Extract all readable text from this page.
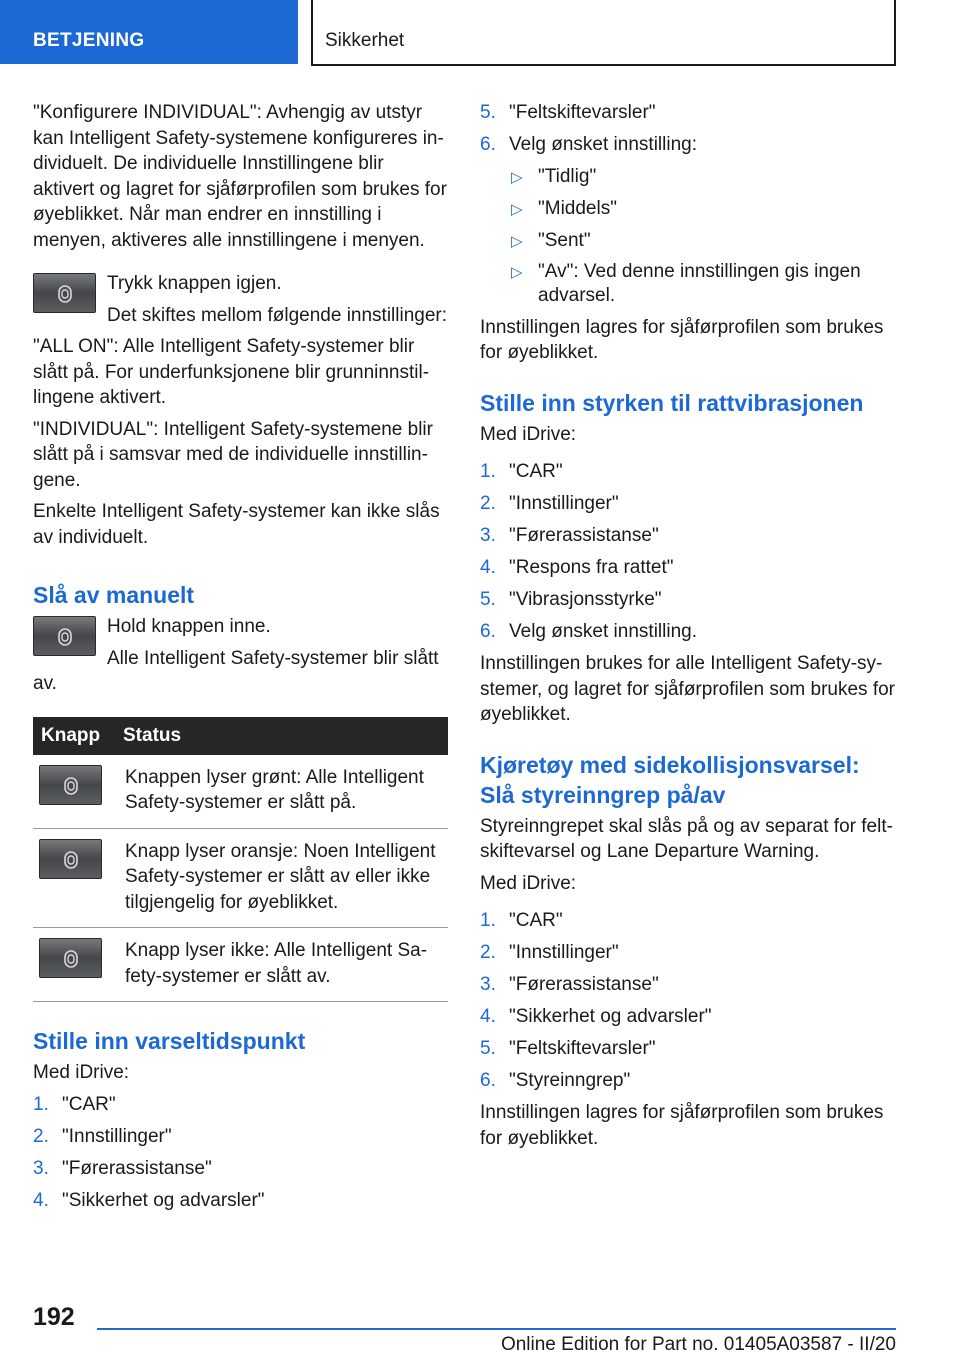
BETJENING	Sikkerhet

"Konfigurere INDIVIDUAL": Avhengig av utstyr kan Intelligent Safety-systemene konfigureres individuelt. De individuelle Innstillingene blir aktivert og lagret for sjåførprofilen som brukes for øyeblikket. Når man endrer en innstilling i menyen, aktiveres alle innstillingene i menyen.

Trykk knappen igjen.

Det skiftes mellom følgende innstillinger:

"ALL ON": Alle Intelligent Safety-systemer blir slått på. For underfunksjonene blir grunninnstillingene aktivert.

"INDIVIDUAL": Intelligent Safety-systemene blir slått på i samsvar med de individuelle innstillingene.

Enkelte Intelligent Safety-systemer kan ikke slås av individuelt.

Slå av manuelt

Hold knappen inne.

Alle Intelligent Safety-systemer blir slått av.

Knapp	Status

	Knappen lyser grønt: Alle Intelligent Safety-systemer er slått på.

	Knapp lyser oransje: Noen Intelligent Safety-systemer er slått av eller ikke tilgjengelig for øyeblikket.

	Knapp lyser ikke: Alle Intelligent Safety-systemer er slått av.
Stille inn varseltidspunkt

Med iDrive:

1. "CAR"
2. "Innstillinger"
3. "Førerassistanse"
4. "Sikkerhet og advarsler"
5. "Feltskiftevarsler"
6. Velg ønsket innstilling:
▷ "Tidlig"
▷ "Middels"
▷ "Sent"
▷ "Av": Ved denne innstillingen gis ingen advarsel.

Innstillingen lagres for sjåførprofilen som brukes for øyeblikket.

Stille inn styrken til rattvibrasjonen

Med iDrive:

1. "CAR"
2. "Innstillinger"
3. "Førerassistanse"
4. "Respons fra rattet"
5. "Vibrasjonsstyrke"
6. Velg ønsket innstilling.

Innstillingen brukes for alle Intelligent Safety-systemer, og lagret for sjåførprofilen som brukes for øyeblikket.

Kjøretøy med sidekollisjonsvarsel: Slå styreinngrep på/av

Styreinngrepet skal slås på og av separat for feltskiftevarsel og Lane Departure Warning.

Med iDrive:

1. "CAR"
2. "Innstillinger"
3. "Førerassistanse"
4. "Sikkerhet og advarsler"
5. "Feltskiftevarsler"
6. "Styreinngrep"

Innstillingen lagres for sjåførprofilen som brukes for øyeblikket.

192
Online Edition for Part no. 01405A03587 - II/20
